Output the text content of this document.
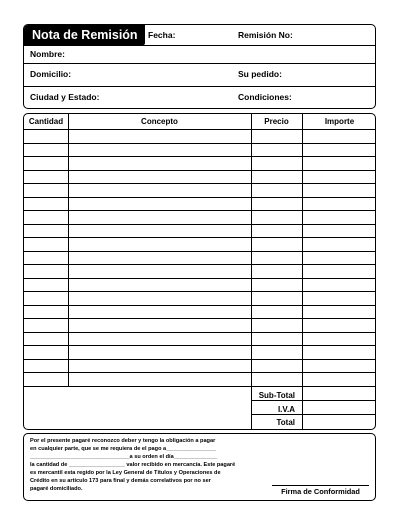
Nota de Remisión	Fecha:	Remisión No:
Nombre:
Domicilio:	Su pedido:
Ciudad y Estado:	Condiciones:
Cantidad	Concepto	Precio	Importe
Sub-Total
I.V.A
Total

Por el presente pagaré reconozco deber y tengo la obligación a pagar

en cualquier parte, que se me requiera de el pago a________________

________________________________a su orden el día______________

la cantidad de __________________ valor recibido en mercancía. Este pagaré

es mercantil esta regido por la Ley General de Títulos y Operaciones de

Crédito en su artículo 173 para final y demás correlativos por no ser

pagaré domiciliado.	Firma de Conformidad
